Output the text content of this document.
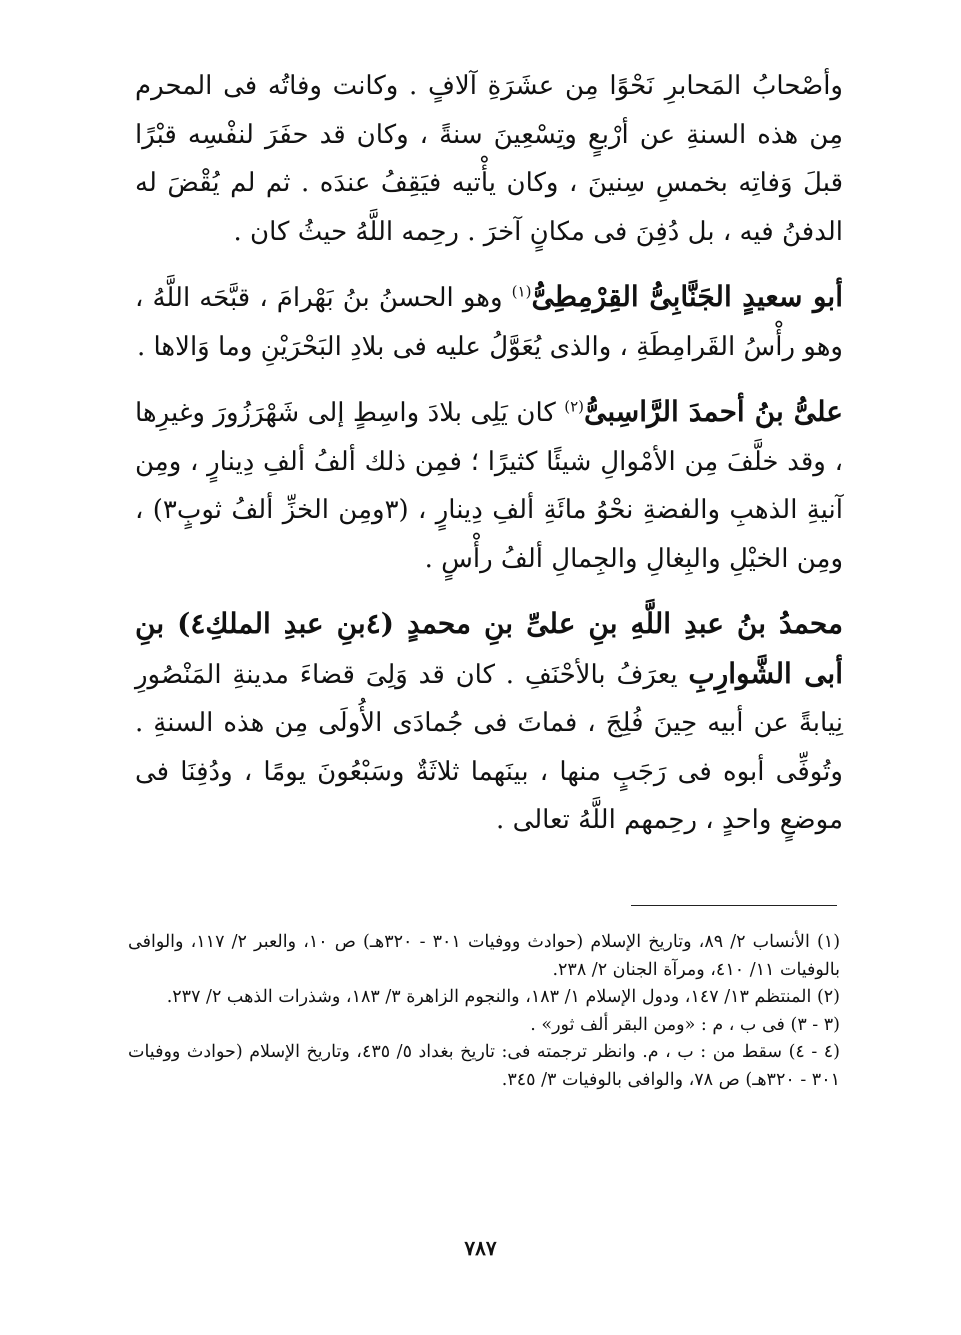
وأصْحابُ المَحابرِ نَحْوًا مِن عشَرَةِ آلافٍ . وكانت وفاتُه فى المحرم مِن هذه السنةِ عن أرْبعٍ وتِسْعِينَ سنةً ، وكان قد حفَرَ لنفْسِه قبْرًا قبلَ وَفاتِه بخمسِ سِنينَ ، وكان يأْتيه فيَقِفُ عندَه . ثم لم يُقْضَ له الدفنُ فيه ، بل دُفِنَ فى مكانٍ آخرَ . رحِمه اللَّهُ حيثُ كان .

أبو سعيدٍ الجَنَّابِىُّ القِرْمِطِىُّ$^{(١)}$ وهو الحسنُ بنُ بَهْرامَ ، قبَّحَه اللَّهُ ، وهو رأْسُ القَرامِطَةِ ، والذى يُعَوَّلُ عليه فى بلادِ البَحْرَيْنِ وما وَالاها .

علىُّ بنُ أحمدَ الرَّاسِبىُّ$^{(٢)}$ كان يَلِى بلادَ واسِطٍ إلى شَهْرَزُورَ وغيرِها ، وقد خلَّفَ مِن الأمْوالِ شيئًا كثيرًا ؛ فمِن ذلك ألفُ ألفِ دِينارٍ ، ومِن آنيةِ الذهبِ والفضةِ نحْوُ مائَةِ ألفِ دِينارٍ ، (٣ومِن الخزِّ ألفُ ثوبٍ٣) ، ومِن الخيْلِ والبِغالِ والجِمالِ ألفُ رأْسٍ .

محمدُ بنُ عبدِ اللَّهِ بنِ علىِّ بنِ محمدٍ (٤بنِ عبدِ الملكِ٤) بنِ أبى الشَّوارِبِ يعرَفُ بالأحْنَفِ . كان قد وَلِىَ قضاءَ مدينةِ المَنْصُورِ نِيابةً عن أبيه حِينَ فُلِجَ ، فماتَ فى جُمادَى الأُولَى مِن هذه السنةِ . وتُوفِّى أبوه فى رَجَبٍ منها ، بينَهما ثلاثَةٌ وسَبْعُونَ يومًا ، ودُفِنَا فى موضعٍ واحدٍ ، رحِمهم اللَّهُ تعالى .

(١) الأنساب ٢/ ٨٩، وتاريخ الإسلام (حوادث ووفيات ٣٠١ - ٣٢٠هـ) ص ١٠، والعبر ٢/ ١١٧، والوافى بالوفيات ١١/ ٤١٠، ومرآة الجنان ٢/ ٢٣٨.

(٢) المنتظم ١٣/ ١٤٧، ودول الإسلام ١/ ١٨٣، والنجوم الزاهرة ٣/ ١٨٣، وشذرات الذهب ٢/ ٢٣٧.

(٣ - ٣) فى ب ، م : «ومن البقر ألف ثور» .

(٤ - ٤) سقط من : ب ، م. وانظر ترجمته فى: تاريخ بغداد ٥/ ٤٣٥، وتاريخ الإسلام (حوادث ووفيات ٣٠١ - ٣٢٠هـ) ص ٧٨، والوافى بالوفيات ٣/ ٣٤٥.

٧٨٧
